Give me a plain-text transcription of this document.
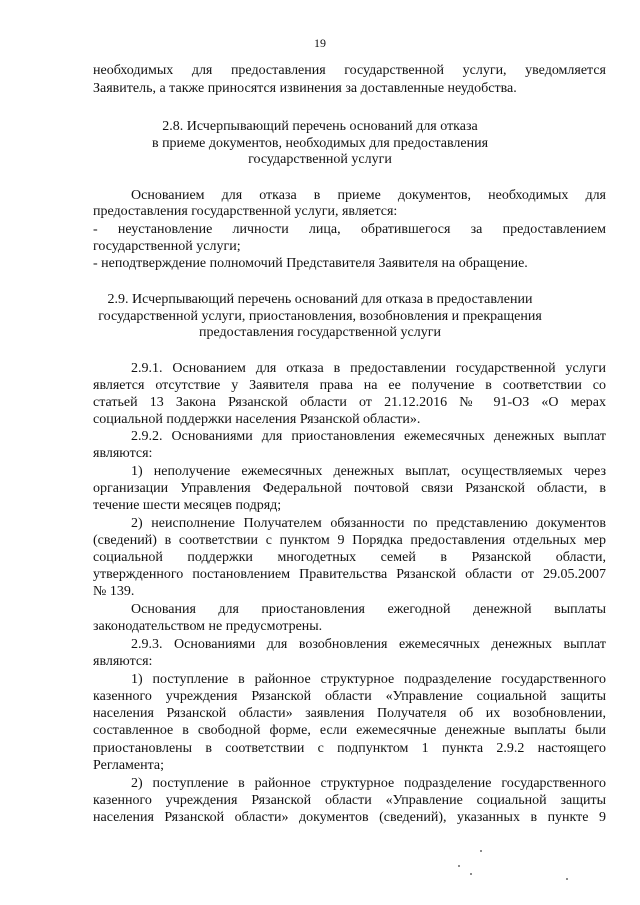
19
необходимых для предоставления государственной услуги, уведомляется
Заявитель, а также приносятся извинения за доставленные неудобства.
2.8. Исчерпывающий перечень оснований для отказа
в приеме документов, необходимых для предоставления
государственной услуги
Основанием для отказа в приеме документов, необходимых для
предоставления государственной услуги, является:
- неустановление личности лица, обратившегося за предоставлением
государственной услуги;
- неподтверждение полномочий Представителя Заявителя на обращение.
2.9. Исчерпывающий перечень оснований для отказа в предоставлении
государственной услуги, приостановления, возобновления и прекращения
предоставления государственной услуги
2.9.1. Основанием для отказа в предоставлении государственной услуги
является отсутствие у Заявителя права на ее получение в соответствии со
статьей 13 Закона Рязанской области от 21.12.2016 № 91-ОЗ «О мерах
социальной поддержки населения Рязанской области».
2.9.2. Основаниями для приостановления ежемесячных денежных выплат
являются:
1) неполучение ежемесячных денежных выплат, осуществляемых через
организации Управления Федеральной почтовой связи Рязанской области, в
течение шести месяцев подряд;
2) неисполнение Получателем обязанности по представлению документов
(сведений) в соответствии с пунктом 9 Порядка предоставления отдельных мер
социальной поддержки многодетных семей в Рязанской области,
утвержденного постановлением Правительства Рязанской области от 29.05.2007
№ 139.
Основания для приостановления ежегодной денежной выплаты
законодательством не предусмотрены.
2.9.3. Основаниями для возобновления ежемесячных денежных выплат
являются:
1) поступление в районное структурное подразделение государственного
казенного учреждения Рязанской области «Управление социальной защиты
населения Рязанской области» заявления Получателя об их возобновлении,
составленное в свободной форме, если ежемесячные денежные выплаты были
приостановлены в соответствии с подпунктом 1 пункта 2.9.2 настоящего
Регламента;
2) поступление в районное структурное подразделение государственного
казенного учреждения Рязанской области «Управление социальной защиты
населения Рязанской области» документов (сведений), указанных в пункте 9
